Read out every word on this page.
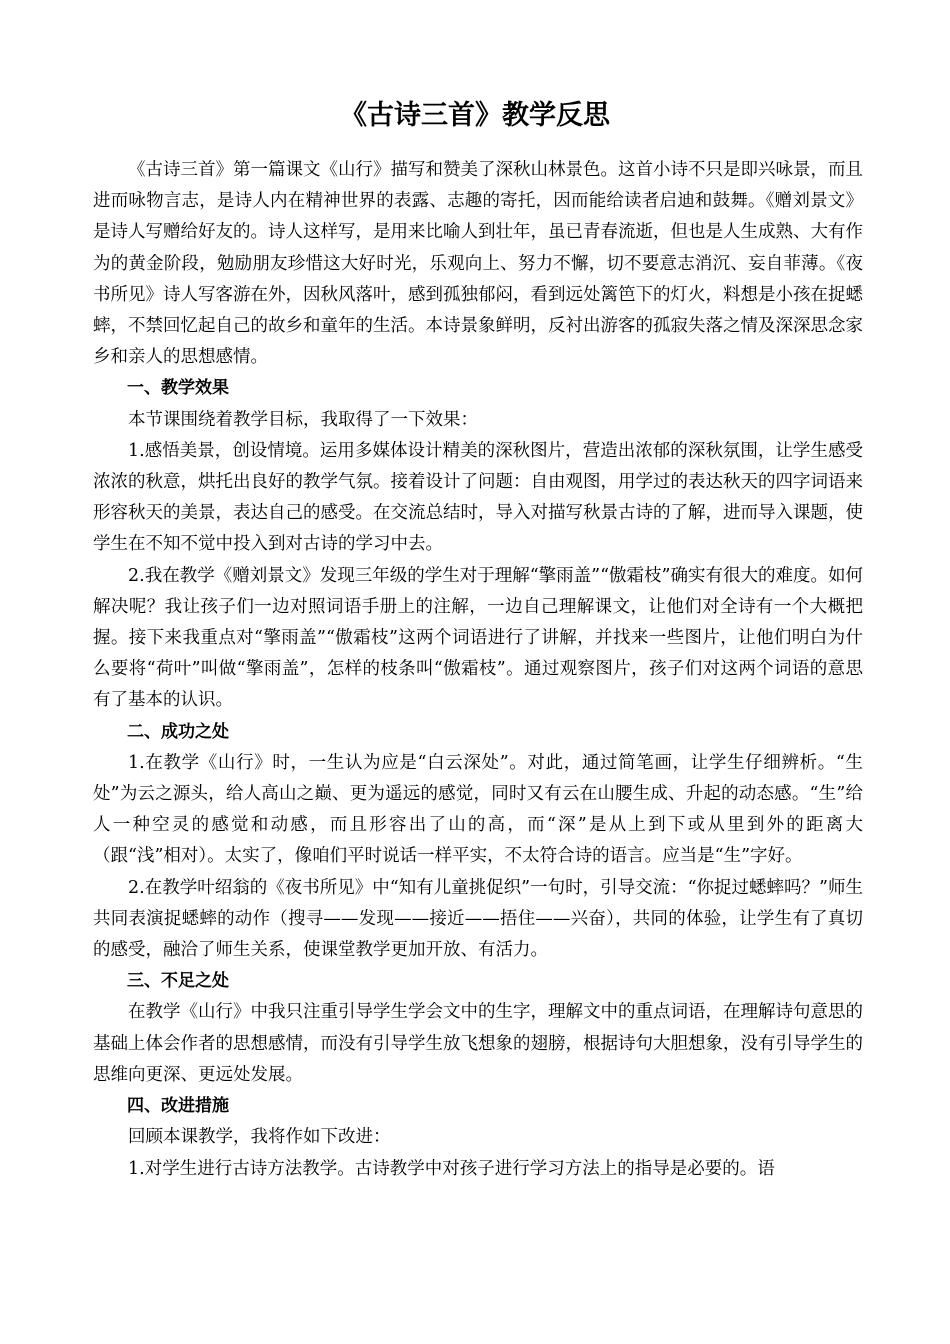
《古诗三首》教学反思

《古诗三首》第一篇课文《山行》描写和赞美了深秋山林景色。这首小诗不只是即兴咏景，而且进而咏物言志，是诗人内在精神世界的表露、志趣的寄托，因而能给读者启迪和鼓舞。《赠刘景文》是诗人写赠给好友的。诗人这样写，是用来比喻人到壮年，虽已青春流逝，但也是人生成熟、大有作为的黄金阶段，勉励朋友珍惜这大好时光，乐观向上、努力不懈，切不要意志消沉、妄自菲薄。《夜书所见》诗人写客游在外，因秋风落叶，感到孤独郁闷，看到远处篱笆下的灯火，料想是小孩在捉蟋蟀，不禁回忆起自己的故乡和童年的生活。本诗景象鲜明，反衬出游客的孤寂失落之情及深深思念家乡和亲人的思想感情。

一、教学效果

本节课围绕着教学目标，我取得了一下效果：

1.感悟美景，创设情境。运用多媒体设计精美的深秋图片，营造出浓郁的深秋氛围，让学生感受浓浓的秋意，烘托出良好的教学气氛。接着设计了问题：自由观图，用学过的表达秋天的四字词语来形容秋天的美景，表达自己的感受。在交流总结时，导入对描写秋景古诗的了解，进而导入课题，使学生在不知不觉中投入到对古诗的学习中去。

2.我在教学《赠刘景文》发现三年级的学生对于理解“擎雨盖”“傲霜枝”确实有很大的难度。如何解决呢？我让孩子们一边对照词语手册上的注解，一边自己理解课文，让他们对全诗有一个大概把握。接下来我重点对“擎雨盖”“傲霜枝”这两个词语进行了讲解，并找来一些图片，让他们明白为什么要将“荷叶”叫做“擎雨盖”，怎样的枝条叫“傲霜枝”。通过观察图片，孩子们对这两个词语的意思有了基本的认识。

二、成功之处

1.在教学《山行》时，一生认为应是“白云深处”。对此，通过简笔画，让学生仔细辨析。“生处”为云之源头，给人高山之巅、更为遥远的感觉，同时又有云在山腰生成、升起的动态感。“生”给人一种空灵的感觉和动感，而且形容出了山的高，而“深”是从上到下或从里到外的距离大（跟“浅”相对）。太实了，像咱们平时说话一样平实，不太符合诗的语言。应当是“生”字好。

2.在教学叶绍翁的《夜书所见》中“知有儿童挑促织”一句时，引导交流：“你捉过蟋蟀吗？”师生共同表演捉蟋蟀的动作（搜寻——发现——接近——捂住——兴奋），共同的体验，让学生有了真切的感受，融洽了师生关系，使课堂教学更加开放、有活力。

三、不足之处

在教学《山行》中我只注重引导学生学会文中的生字，理解文中的重点词语，在理解诗句意思的基础上体会作者的思想感情，而没有引导学生放飞想象的翅膀，根据诗句大胆想象，没有引导学生的思维向更深、更远处发展。

四、改进措施

回顾本课教学，我将作如下改进：

1.对学生进行古诗方法教学。古诗教学中对孩子进行学习方法上的指导是必要的。语
